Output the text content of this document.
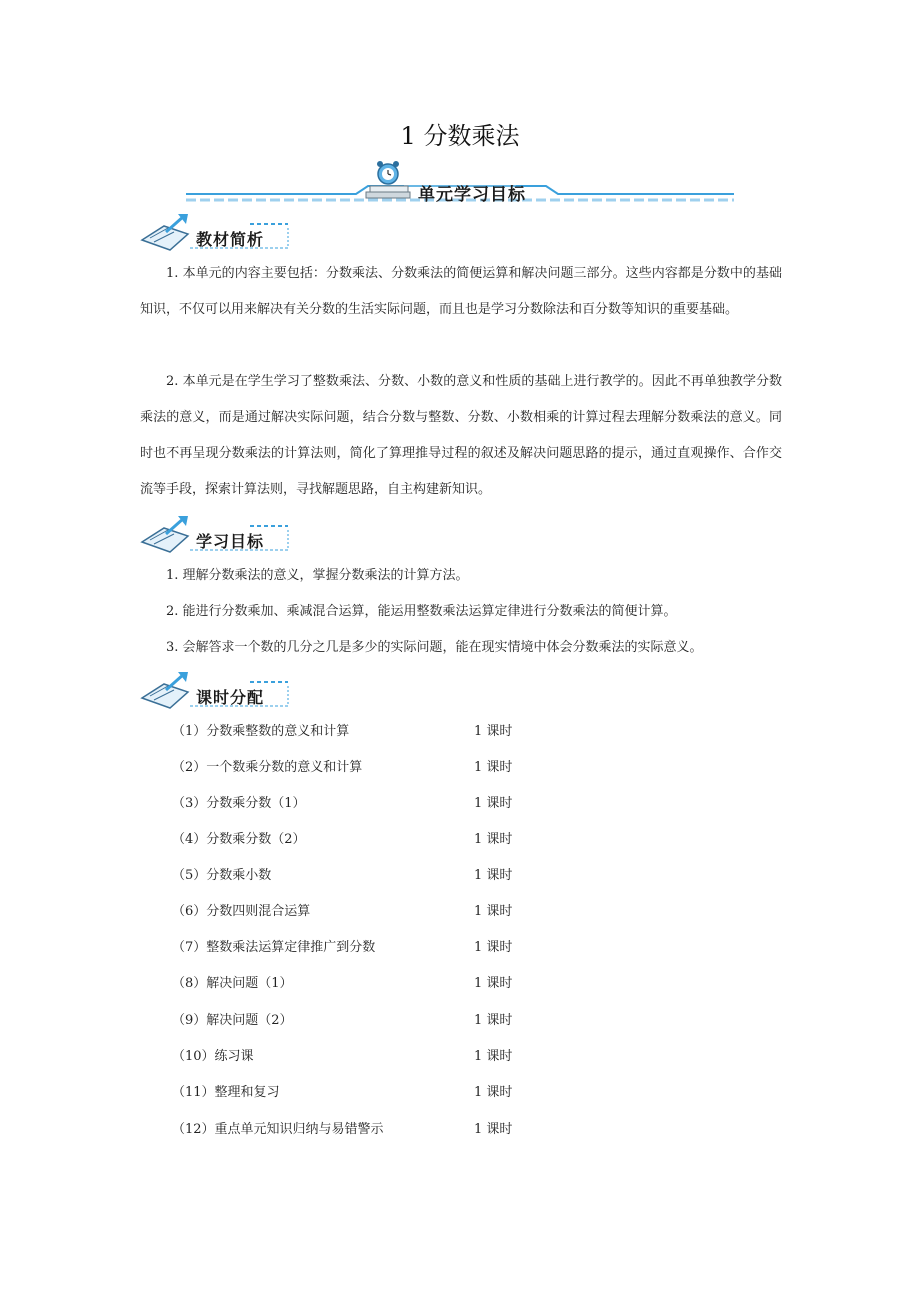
1 分数乘法
单元学习目标
教材简析
1. 本单元的内容主要包括：分数乘法、分数乘法的简便运算和解决问题三部分。这些内容都是分数中的基础知识，不仅可以用来解决有关分数的生活实际问题，而且也是学习分数除法和百分数等知识的重要基础。
2. 本单元是在学生学习了整数乘法、分数、小数的意义和性质的基础上进行教学的。因此不再单独教学分数乘法的意义，而是通过解决实际问题，结合分数与整数、分数、小数相乘的计算过程去理解分数乘法的意义。同时也不再呈现分数乘法的计算法则，简化了算理推导过程的叙述及解决问题思路的提示，通过直观操作、合作交流等手段，探索计算法则，寻找解题思路，自主构建新知识。
学习目标
1. 理解分数乘法的意义，掌握分数乘法的计算方法。
2. 能进行分数乘加、乘减混合运算，能运用整数乘法运算定律进行分数乘法的简便计算。
3. 会解答求一个数的几分之几是多少的实际问题，能在现实情境中体会分数乘法的实际意义。
课时分配
（1）分数乘整数的意义和计算	1 课时
（2）一个数乘分数的意义和计算	1 课时
（3）分数乘分数（1）	1 课时
（4）分数乘分数（2）	1 课时
（5）分数乘小数	1 课时
（6）分数四则混合运算	1 课时
（7）整数乘法运算定律推广到分数	1 课时
（8）解决问题（1）	1 课时
（9）解决问题（2）	1 课时
（10）练习课	1 课时
（11）整理和复习	1 课时
（12）重点单元知识归纳与易错警示	1 课时
